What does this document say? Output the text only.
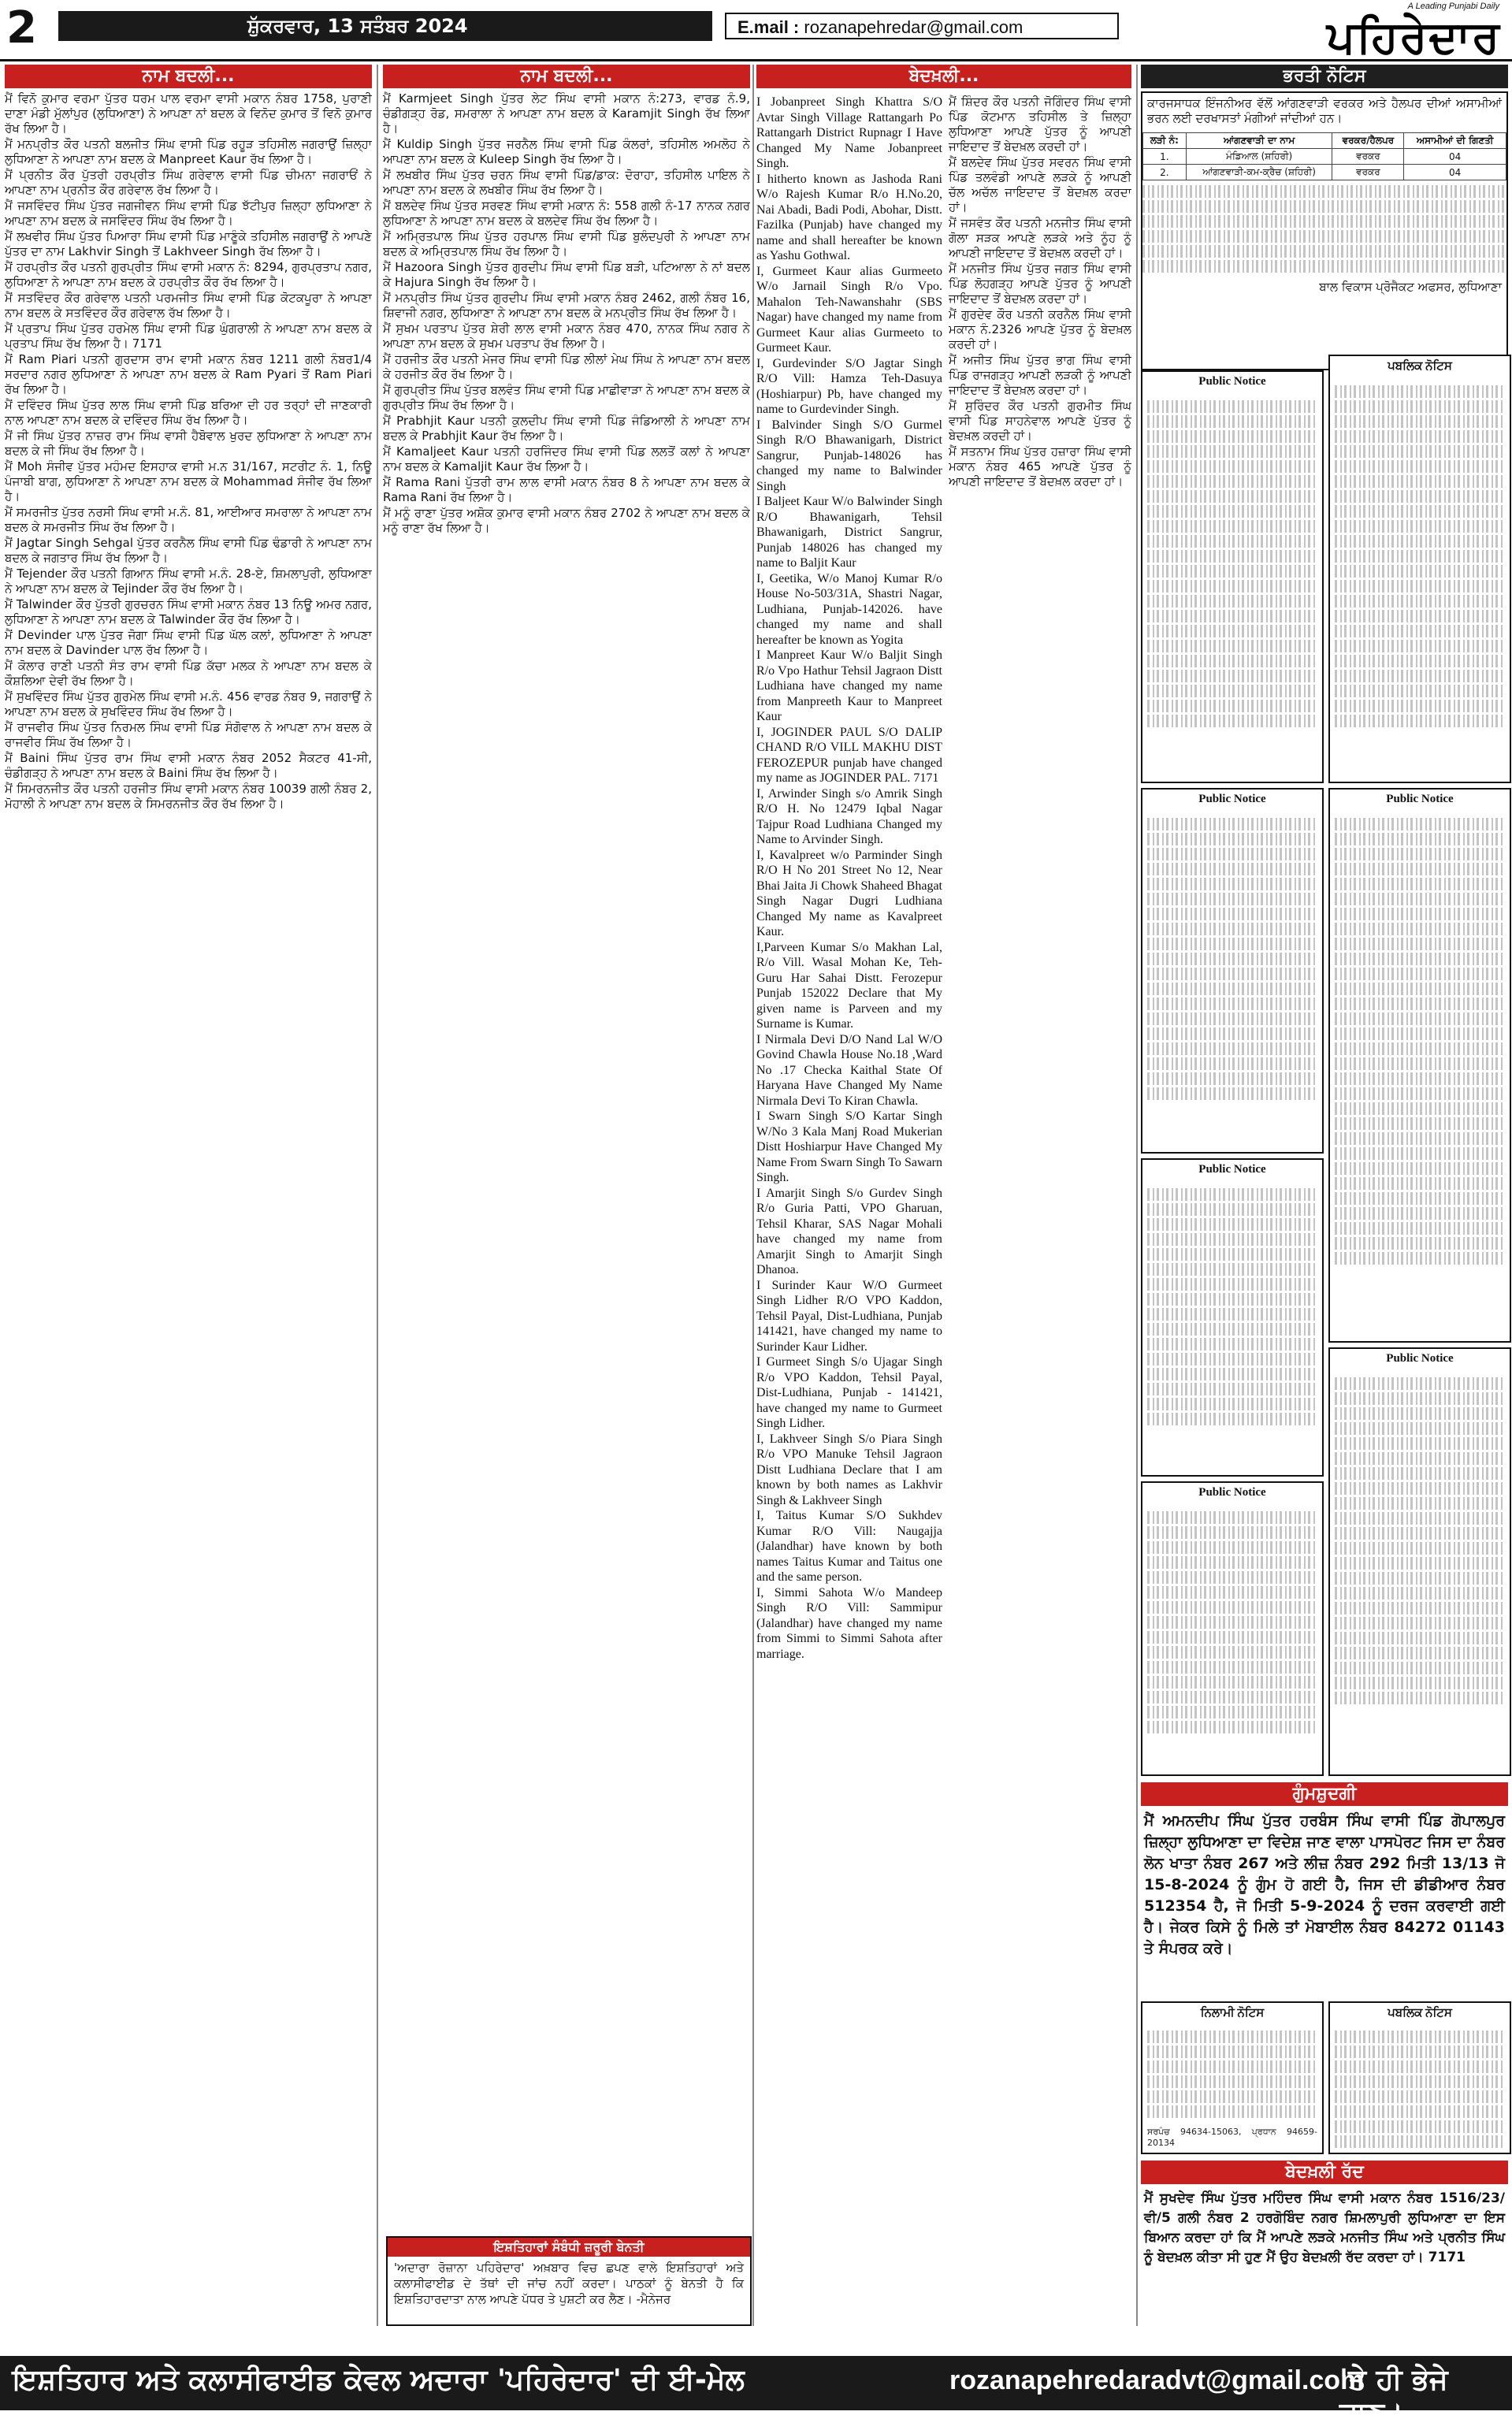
2	ਸ਼ੁੱਕਰਵਾਰ, 13 ਸਤੰਬਰ 2024	E.mail : rozanapehredar@gmail.com
A Leading Punjabi Daily
ਪਹਿਰੇਦਾਰ
ਨਾਮ ਬਦਲੀ...
ਮੈਂ ਵਿਨੋ ਕੁਮਾਰ ਵਰਮਾ ਪੁੱਤਰ ਧਰਮ ਪਾਲ ਵਰਮਾ ਵਾਸੀ ਮਕਾਨ ਨੰਬਰ 1758, ਪੁਰਾਣੀ ਦਾਣਾ ਮੰਡੀ ਮੁੱਲਾਂਪੁਰ (ਲੁਧਿਆਣਾ) ਨੇ ਆਪਣਾ ਨਾਂ ਬਦਲ ਕੇ ਵਿਨੋਦ ਕੁਮਾਰ ਤੋਂ ਵਿਨੋ ਕੁਮਾਰ ਰੱਖ ਲਿਆ ਹੈ।
ਮੈਂ ਮਨਪ੍ਰੀਤ ਕੌਰ ਪਤਨੀ ਬਲਜੀਤ ਸਿੰਘ ਵਾਸੀ ਪਿੰਡ ਰਹੂੜ ਤਹਿਸੀਲ ਜਗਰਾਉਂ ਜ਼ਿਲ੍ਹਾ ਲੁਧਿਆਣਾ ਨੇ ਆਪਣਾ ਨਾਮ ਬਦਲ ਕੇ Manpreet Kaur ਰੱਖ ਲਿਆ ਹੈ।
ਮੈਂ ਪ੍ਰਨੀਤ ਕੌਰ ਪੁੱਤਰੀ ਹਰਪ੍ਰੀਤ ਸਿੰਘ ਗਰੇਵਾਲ ਵਾਸੀ ਪਿੰਡ ਚੀਮਨਾ ਜਗਰਾਓਂ ਨੇ ਆਪਣਾ ਨਾਮ ਪ੍ਰਨੀਤ ਕੌਰ ਗਰੇਵਾਲ ਰੱਖ ਲਿਆ ਹੈ।
ਮੈਂ ਜਸਵਿੰਦਰ ਸਿੰਘ ਪੁੱਤਰ ਜਗਜੀਵਨ ਸਿੰਘ ਵਾਸੀ ਪਿੰਡ ਝੱਟੀਪੁਰ ਜ਼ਿਲ੍ਹਾ ਲੁਧਿਆਣਾ ਨੇ ਆਪਣਾ ਨਾਮ ਬਦਲ ਕੇ ਜਸਵਿੰਦਰ ਸਿੰਘ ਰੱਖ ਲਿਆ ਹੈ।
ਮੈਂ ਲਖਵੀਰ ਸਿੰਘ ਪੁੱਤਰ ਪਿਆਰਾ ਸਿੰਘ ਵਾਸੀ ਪਿੰਡ ਮਾਣੂੰਕੇ ਤਹਿਸੀਲ ਜਗਰਾਉਂ ਨੇ ਆਪਣੇ ਪੁੱਤਰ ਦਾ ਨਾਮ Lakhvir Singh ਤੋਂ Lakhveer Singh ਰੱਖ ਲਿਆ ਹੈ।
ਮੈਂ ਹਰਪ੍ਰੀਤ ਕੌਰ ਪਤਨੀ ਗੁਰਪ੍ਰੀਤ ਸਿੰਘ ਵਾਸੀ ਮਕਾਨ ਨੰ: 8294, ਗੁਰਪ੍ਰਤਾਪ ਨਗਰ, ਲੁਧਿਆਣਾ ਨੇ ਆਪਣਾ ਨਾਮ ਬਦਲ ਕੇ ਹਰਪ੍ਰੀਤ ਕੌਰ ਰੱਖ ਲਿਆ ਹੈ।
ਮੈਂ ਸਤਵਿੰਦਰ ਕੌਰ ਗਰੇਵਾਲ ਪਤਨੀ ਪਰਮਜੀਤ ਸਿੰਘ ਵਾਸੀ ਪਿੰਡ ਕੋਟਕਪੂਰਾ ਨੇ ਆਪਣਾ ਨਾਮ ਬਦਲ ਕੇ ਸਤਵਿੰਦਰ ਕੌਰ ਗਰੇਵਾਲ ਰੱਖ ਲਿਆ ਹੈ।
ਮੈਂ ਪ੍ਰਤਾਪ ਸਿੰਘ ਪੁੱਤਰ ਹਰਮੇਲ ਸਿੰਘ ਵਾਸੀ ਪਿੰਡ ਘੁੰਗਰਾਲੀ ਨੇ ਆਪਣਾ ਨਾਮ ਬਦਲ ਕੇ ਪ੍ਰਤਾਪ ਸਿੰਘ ਰੱਖ ਲਿਆ ਹੈ। 7171
ਮੈਂ Ram Piari ਪਤਨੀ ਗੁਰਦਾਸ ਰਾਮ ਵਾਸੀ ਮਕਾਨ ਨੰਬਰ 1211 ਗਲੀ ਨੰਬਰ1/4 ਸਰਦਾਰ ਨਗਰ ਲੁਧਿਆਣਾ ਨੇ ਆਪਣਾ ਨਾਮ ਬਦਲ ਕੇ Ram Pyari ਤੋਂ Ram Piari ਰੱਖ ਲਿਆ ਹੈ।
ਮੈਂ ਦਵਿੰਦਰ ਸਿੰਘ ਪੁੱਤਰ ਲਾਲ ਸਿੰਘ ਵਾਸੀ ਪਿੰਡ ਬਰਿਆ ਦੀ ਹਰ ਤਰ੍ਹਾਂ ਦੀ ਜਾਣਕਾਰੀ ਨਾਲ ਆਪਣਾ ਨਾਮ ਬਦਲ ਕੇ ਦਵਿੰਦਰ ਸਿੰਘ ਰੱਖ ਲਿਆ ਹੈ।
ਮੈਂ ਜੀ ਸਿੰਘ ਪੁੱਤਰ ਨਾਜ਼ਰ ਰਾਮ ਸਿੰਘ ਵਾਸੀ ਹੈਬੋਵਾਲ ਖੁਰਦ ਲੁਧਿਆਣਾ ਨੇ ਆਪਣਾ ਨਾਮ ਬਦਲ ਕੇ ਜੀ ਸਿੰਘ ਰੱਖ ਲਿਆ ਹੈ।
ਮੈਂ Moh ਸੰਜੀਵ ਪੁੱਤਰ ਮਹੰਮਦ ਇਸਹਾਕ ਵਾਸੀ ਮ.ਨ 31/167, ਸਟਰੀਟ ਨੰ. 1, ਨਿਊ ਪੰਜਾਬੀ ਬਾਗ, ਲੁਧਿਆਣਾ ਨੇ ਆਪਣਾ ਨਾਮ ਬਦਲ ਕੇ Mohammad ਸੰਜੀਵ ਰੱਖ ਲਿਆ ਹੈ।
ਮੈਂ ਸਮਰਜੀਤ ਪੁੱਤਰ ਨਰਸੀ ਸਿੰਘ ਵਾਸੀ ਮ.ਨੰ. 81, ਆਈਆਰ ਸਮਰਾਲਾ ਨੇ ਆਪਣਾ ਨਾਮ ਬਦਲ ਕੇ ਸਮਰਜੀਤ ਸਿੰਘ ਰੱਖ ਲਿਆ ਹੈ।
ਮੈਂ Jagtar Singh Sehgal ਪੁੱਤਰ ਕਰਨੈਲ ਸਿੰਘ ਵਾਸੀ ਪਿੰਡ ਢੰਡਾਰੀ ਨੇ ਆਪਣਾ ਨਾਮ ਬਦਲ ਕੇ ਜਗਤਾਰ ਸਿੰਘ ਰੱਖ ਲਿਆ ਹੈ।
ਮੈਂ Tejender ਕੌਰ ਪਤਨੀ ਗਿਆਨ ਸਿੰਘ ਵਾਸੀ ਮ.ਨੰ. 28-ਏ, ਸ਼ਿਮਲਾਪੁਰੀ, ਲੁਧਿਆਣਾ ਨੇ ਆਪਣਾ ਨਾਮ ਬਦਲ ਕੇ Tejinder ਕੌਰ ਰੱਖ ਲਿਆ ਹੈ।
ਮੈਂ Talwinder ਕੌਰ ਪੁੱਤਰੀ ਗੁਰਚਰਨ ਸਿੰਘ ਵਾਸੀ ਮਕਾਨ ਨੰਬਰ 13 ਨਿਊ ਅਮਰ ਨਗਰ, ਲੁਧਿਆਣਾ ਨੇ ਆਪਣਾ ਨਾਮ ਬਦਲ ਕੇ Talwinder ਕੌਰ ਰੱਖ ਲਿਆ ਹੈ।
ਮੈਂ Devinder ਪਾਲ ਪੁੱਤਰ ਜੋਗਾ ਸਿੰਘ ਵਾਸੀ ਪਿੰਡ ਘੱਲ ਕਲਾਂ, ਲੁਧਿਆਣਾ ਨੇ ਆਪਣਾ ਨਾਮ ਬਦਲ ਕੇ Davinder ਪਾਲ ਰੱਖ ਲਿਆ ਹੈ।
ਮੈਂ ਕੋਲਾਰ ਰਾਣੀ ਪਤਨੀ ਸੰਤ ਰਾਮ ਵਾਸੀ ਪਿੰਡ ਕੱਚਾ ਮਲਕ ਨੇ ਆਪਣਾ ਨਾਮ ਬਦਲ ਕੇ ਕੌਸ਼ਲਿਆ ਦੇਵੀ ਰੱਖ ਲਿਆ ਹੈ।
ਮੈਂ ਸੁਖਵਿੰਦਰ ਸਿੰਘ ਪੁੱਤਰ ਗੁਰਮੇਲ ਸਿੰਘ ਵਾਸੀ ਮ.ਨੰ. 456 ਵਾਰਡ ਨੰਬਰ 9, ਜਗਰਾਉਂ ਨੇ ਆਪਣਾ ਨਾਮ ਬਦਲ ਕੇ ਸੁਖਵਿੰਦਰ ਸਿੰਘ ਰੱਖ ਲਿਆ ਹੈ।
ਮੈਂ ਰਾਜਵੀਰ ਸਿੰਘ ਪੁੱਤਰ ਨਿਰਮਲ ਸਿੰਘ ਵਾਸੀ ਪਿੰਡ ਸੰਗੋਵਾਲ ਨੇ ਆਪਣਾ ਨਾਮ ਬਦਲ ਕੇ ਰਾਜਵੀਰ ਸਿੰਘ ਰੱਖ ਲਿਆ ਹੈ।
ਮੈਂ Baini ਸਿੰਘ ਪੁੱਤਰ ਰਾਮ ਸਿੰਘ ਵਾਸੀ ਮਕਾਨ ਨੰਬਰ 2052 ਸੈਕਟਰ 41-ਸੀ, ਚੰਡੀਗੜ੍ਹ ਨੇ ਆਪਣਾ ਨਾਮ ਬਦਲ ਕੇ Baini ਸਿੰਘ ਰੱਖ ਲਿਆ ਹੈ।
ਮੈਂ ਸਿਮਰਨਜੀਤ ਕੌਰ ਪਤਨੀ ਹਰਜੀਤ ਸਿੰਘ ਵਾਸੀ ਮਕਾਨ ਨੰਬਰ 10039 ਗਲੀ ਨੰਬਰ 2, ਮੋਹਾਲੀ ਨੇ ਆਪਣਾ ਨਾਮ ਬਦਲ ਕੇ ਸਿਮਰਨਜੀਤ ਕੌਰ ਰੱਖ ਲਿਆ ਹੈ।
ਨਾਮ ਬਦਲੀ...
ਮੈਂ Karmjeet Singh ਪੁੱਤਰ ਲੇਟ ਸਿੰਘ ਵਾਸੀ ਮਕਾਨ ਨੰ:273, ਵਾਰਡ ਨੰ.9, ਚੰਡੀਗੜ੍ਹ ਰੋਡ, ਸਮਰਾਲਾ ਨੇ ਆਪਣਾ ਨਾਮ ਬਦਲ ਕੇ Karamjit Singh ਰੱਖ ਲਿਆ ਹੈ।
ਮੈਂ Kuldip Singh ਪੁੱਤਰ ਜਰਨੈਲ ਸਿੰਘ ਵਾਸੀ ਪਿੰਡ ਕੰਲਰਾਂ, ਤਹਿਸੀਲ ਅਮਲੋਹ ਨੇ ਆਪਣਾ ਨਾਮ ਬਦਲ ਕੇ Kuleep Singh ਰੱਖ ਲਿਆ ਹੈ।
ਮੈਂ ਲਖਬੀਰ ਸਿੰਘ ਪੁੱਤਰ ਚਰਨ ਸਿੰਘ ਵਾਸੀ ਪਿੰਡ/ਡਾਕ: ਦੋਰਾਹਾ, ਤਹਿਸੀਲ ਪਾਇਲ ਨੇ ਆਪਣਾ ਨਾਮ ਬਦਲ ਕੇ ਲਖਬੀਰ ਸਿੰਘ ਰੱਖ ਲਿਆ ਹੈ।
ਮੈਂ ਬਲਦੇਵ ਸਿੰਘ ਪੁੱਤਰ ਸਰਵਣ ਸਿੰਘ ਵਾਸੀ ਮਕਾਨ ਨੰ: 558 ਗਲੀ ਨੰ-17 ਨਾਨਕ ਨਗਰ ਲੁਧਿਆਣਾ ਨੇ ਆਪਣਾ ਨਾਮ ਬਦਲ ਕੇ ਬਲਦੇਵ ਸਿੰਘ ਰੱਖ ਲਿਆ ਹੈ।
ਮੈਂ ਅਮ੍ਰਿਤਪਾਲ ਸਿੰਘ ਪੁੱਤਰ ਹਰਪਾਲ ਸਿੰਘ ਵਾਸੀ ਪਿੰਡ ਬੁਲੰਦਪੁਰੀ ਨੇ ਆਪਣਾ ਨਾਮ ਬਦਲ ਕੇ ਅਮ੍ਰਿਤਪਾਲ ਸਿੰਘ ਰੱਖ ਲਿਆ ਹੈ।
ਮੈਂ Hazoora Singh ਪੁੱਤਰ ਗੁਰਦੀਪ ਸਿੰਘ ਵਾਸੀ ਪਿੰਡ ਬੜੀ, ਪਟਿਆਲਾ ਨੇ ਨਾਂ ਬਦਲ ਕੇ Hajura Singh ਰੱਖ ਲਿਆ ਹੈ।
ਮੈਂ ਮਨਪ੍ਰੀਤ ਸਿੰਘ ਪੁੱਤਰ ਗੁਰਦੀਪ ਸਿੰਘ ਵਾਸੀ ਮਕਾਨ ਨੰਬਰ 2462, ਗਲੀ ਨੰਬਰ 16, ਸ਼ਿਵਾਜੀ ਨਗਰ, ਲੁਧਿਆਣਾ ਨੇ ਆਪਣਾ ਨਾਮ ਬਦਲ ਕੇ ਮਨਪ੍ਰੀਤ ਸਿੰਘ ਰੱਖ ਲਿਆ ਹੈ।
ਮੈਂ ਸੁਖਮ ਪਰਤਾਪ ਪੁੱਤਰ ਸ਼ੇਰੀ ਲਾਲ ਵਾਸੀ ਮਕਾਨ ਨੰਬਰ 470, ਨਾਨਕ ਸਿੰਘ ਨਗਰ ਨੇ ਆਪਣਾ ਨਾਮ ਬਦਲ ਕੇ ਸੁਖਮ ਪਰਤਾਪ ਰੱਖ ਲਿਆ ਹੈ।
ਮੈਂ ਹਰਜੀਤ ਕੌਰ ਪਤਨੀ ਮੇਜਰ ਸਿੰਘ ਵਾਸੀ ਪਿੰਡ ਲੀਲਾਂ ਮੇਘ ਸਿੰਘ ਨੇ ਆਪਣਾ ਨਾਮ ਬਦਲ ਕੇ ਹਰਜੀਤ ਕੌਰ ਰੱਖ ਲਿਆ ਹੈ।
ਮੈਂ ਗੁਰਪ੍ਰੀਤ ਸਿੰਘ ਪੁੱਤਰ ਬਲਵੰਤ ਸਿੰਘ ਵਾਸੀ ਪਿੰਡ ਮਾਛੀਵਾੜਾ ਨੇ ਆਪਣਾ ਨਾਮ ਬਦਲ ਕੇ ਗੁਰਪ੍ਰੀਤ ਸਿੰਘ ਰੱਖ ਲਿਆ ਹੈ।
ਮੈਂ Prabhjit Kaur ਪਤਨੀ ਕੁਲਦੀਪ ਸਿੰਘ ਵਾਸੀ ਪਿੰਡ ਜੰਡਿਆਲੀ ਨੇ ਆਪਣਾ ਨਾਮ ਬਦਲ ਕੇ Prabhjit Kaur ਰੱਖ ਲਿਆ ਹੈ।
ਮੈਂ Kamaljeet Kaur ਪਤਨੀ ਹਰਜਿੰਦਰ ਸਿੰਘ ਵਾਸੀ ਪਿੰਡ ਲਲਤੋਂ ਕਲਾਂ ਨੇ ਆਪਣਾ ਨਾਮ ਬਦਲ ਕੇ Kamaljit Kaur ਰੱਖ ਲਿਆ ਹੈ।
ਮੈਂ Rama Rani ਪੁੱਤਰੀ ਰਾਮ ਲਾਲ ਵਾਸੀ ਮਕਾਨ ਨੰਬਰ 8 ਨੇ ਆਪਣਾ ਨਾਮ ਬਦਲ ਕੇ Rama Rani ਰੱਖ ਲਿਆ ਹੈ।
ਮੈਂ ਮਨੂੰ ਰਾਣਾ ਪੁੱਤਰ ਅਸ਼ੋਕ ਕੁਮਾਰ ਵਾਸੀ ਮਕਾਨ ਨੰਬਰ 2702 ਨੇ ਆਪਣਾ ਨਾਮ ਬਦਲ ਕੇ ਮਨੂੰ ਰਾਣਾ ਰੱਖ ਲਿਆ ਹੈ।
ਬੇਦਖ਼ਲੀ...
I Jobanpreet Singh Khattra S/O Avtar Singh Village Rattangarh Po Rattangarh District Rupnagr I Have Changed My Name Jobanpreet Singh.
I hitherto known as Jashoda Rani W/o Rajesh Kumar R/o H.No.20, Nai Abadi, Badi Podi, Abohar, Distt. Fazilka (Punjab) have changed my name and shall hereafter be known as Yashu Gothwal.
I, Gurmeet Kaur alias Gurmeeto W/o Jarnail Singh R/o Vpo. Mahalon Teh-Nawanshahr (SBS Nagar) have changed my name from Gurmeet Kaur alias Gurmeeto to Gurmeet Kaur.
I, Gurdevinder S/O Jagtar Singh R/O Vill: Hamza Teh-Dasuya (Hoshiarpur) Pb, have changed my name to Gurdevinder Singh.
I Balvinder Singh S/O Gurmel Singh R/O Bhawanigarh, District Sangrur, Punjab-148026 has changed my name to Balwinder Singh
I Baljeet Kaur W/o Balwinder Singh R/O Bhawanigarh, Tehsil Bhawanigarh, District Sangrur, Punjab 148026 has changed my name to Baljit Kaur
I, Geetika, W/o Manoj Kumar R/o House No-503/31A, Shastri Nagar, Ludhiana, Punjab-142026. have changed my name and shall hereafter be known as Yogita
I Manpreet Kaur W/o Baljit Singh R/o Vpo Hathur Tehsil Jagraon Distt Ludhiana have changed my name from Manpreeth Kaur to Manpreet Kaur
I, JOGINDER PAUL S/O DALIP CHAND R/O VILL MAKHU DIST FEROZEPUR punjab have changed my name as JOGINDER PAL. 7171
I, Arwinder Singh s/o Amrik Singh R/O H. No 12479 Iqbal Nagar Tajpur Road Ludhiana Changed my Name to Arvinder Singh.
I, Kavalpreet w/o Parminder Singh R/O H No 201 Street No 12, Near Bhai Jaita Ji Chowk Shaheed Bhagat Singh Nagar Dugri Ludhiana Changed My name as Kavalpreet Kaur.
I,Parveen Kumar S/o Makhan Lal, R/o Vill. Wasal Mohan Ke, Teh-Guru Har Sahai Distt. Ferozepur Punjab 152022 Declare that My given name is Parveen and my Surname is Kumar.
I Nirmala Devi D/O Nand Lal W/O Govind Chawla House No.18 ,Ward No .17 Checka Kaithal State Of Haryana Have Changed My Name Nirmala Devi To Kiran Chawla.
I Swarn Singh S/O Kartar Singh W/No 3 Kala Manj Road Mukerian Distt Hoshiarpur Have Changed My Name From Swarn Singh To Sawarn Singh.
I Amarjit Singh S/o Gurdev Singh R/o Guria Patti, VPO Gharuan, Tehsil Kharar, SAS Nagar Mohali have changed my name from Amarjit Singh to Amarjit Singh Dhanoa.
I Surinder Kaur W/O Gurmeet Singh Lidher R/O VPO Kaddon, Tehsil Payal, Dist-Ludhiana, Punjab 141421, have changed my name to Surinder Kaur Lidher.
I Gurmeet Singh S/o Ujagar Singh R/o VPO Kaddon, Tehsil Payal, Dist-Ludhiana, Punjab - 141421, have changed my name to Gurmeet Singh Lidher.
I, Lakhveer Singh S/o Piara Singh R/o VPO Manuke Tehsil Jagraon Distt Ludhiana Declare that I am known by both names as Lakhvir Singh & Lakhveer Singh
I, Taitus Kumar S/O Sukhdev Kumar R/O Vill: Naugajja (Jalandhar) have known by both names Taitus Kumar and Taitus one and the same person.
I, Simmi Sahota W/o Mandeep Singh R/O Vill: Sammipur (Jalandhar) have changed my name from Simmi to Simmi Sahota after marriage.
ਮੈਂ ਸ਼ਿੰਦਰ ਕੌਰ ਪਤਨੀ ਜੋਗਿੰਦਰ ਸਿੰਘ ਵਾਸੀ ਪਿੰਡ ਕੋਟਮਾਨ ਤਹਿਸੀਲ ਤੇ ਜ਼ਿਲ੍ਹਾ ਲੁਧਿਆਣਾ ਆਪਣੇ ਪੁੱਤਰ ਨੂੰ ਆਪਣੀ ਜਾਇਦਾਦ ਤੋਂ ਬੇਦਖ਼ਲ ਕਰਦੀ ਹਾਂ।
ਮੈਂ ਬਲਦੇਵ ਸਿੰਘ ਪੁੱਤਰ ਸਵਰਨ ਸਿੰਘ ਵਾਸੀ ਪਿੰਡ ਤਲਵੰਡੀ ਆਪਣੇ ਲੜਕੇ ਨੂੰ ਆਪਣੀ ਚੱਲ ਅਚੱਲ ਜਾਇਦਾਦ ਤੋਂ ਬੇਦਖ਼ਲ ਕਰਦਾ ਹਾਂ।
ਮੈਂ ਜਸਵੰਤ ਕੌਰ ਪਤਨੀ ਮਨਜੀਤ ਸਿੰਘ ਵਾਸੀ ਗੋਲਾ ਸੜਕ ਆਪਣੇ ਲੜਕੇ ਅਤੇ ਨੂੰਹ ਨੂੰ ਆਪਣੀ ਜਾਇਦਾਦ ਤੋਂ ਬੇਦਖ਼ਲ ਕਰਦੀ ਹਾਂ।
ਮੈਂ ਮਨਜੀਤ ਸਿੰਘ ਪੁੱਤਰ ਜਗਤ ਸਿੰਘ ਵਾਸੀ ਪਿੰਡ ਲੋਹਗੜ੍ਹ ਆਪਣੇ ਪੁੱਤਰ ਨੂੰ ਆਪਣੀ ਜਾਇਦਾਦ ਤੋਂ ਬੇਦਖ਼ਲ ਕਰਦਾ ਹਾਂ।
ਮੈਂ ਗੁਰਦੇਵ ਕੌਰ ਪਤਨੀ ਕਰਨੈਲ ਸਿੰਘ ਵਾਸੀ ਮਕਾਨ ਨੰ.2326 ਆਪਣੇ ਪੁੱਤਰ ਨੂੰ ਬੇਦਖ਼ਲ ਕਰਦੀ ਹਾਂ।
ਮੈਂ ਅਜੀਤ ਸਿੰਘ ਪੁੱਤਰ ਭਾਗ ਸਿੰਘ ਵਾਸੀ ਪਿੰਡ ਰਾਜਗੜ੍ਹ ਆਪਣੀ ਲੜਕੀ ਨੂੰ ਆਪਣੀ ਜਾਇਦਾਦ ਤੋਂ ਬੇਦਖ਼ਲ ਕਰਦਾ ਹਾਂ।
ਮੈਂ ਸੁਰਿੰਦਰ ਕੌਰ ਪਤਨੀ ਗੁਰਮੀਤ ਸਿੰਘ ਵਾਸੀ ਪਿੰਡ ਸਾਹਨੇਵਾਲ ਆਪਣੇ ਪੁੱਤਰ ਨੂੰ ਬੇਦਖ਼ਲ ਕਰਦੀ ਹਾਂ।
ਮੈਂ ਸਤਨਾਮ ਸਿੰਘ ਪੁੱਤਰ ਹਜ਼ਾਰਾ ਸਿੰਘ ਵਾਸੀ ਮਕਾਨ ਨੰਬਰ 465 ਆਪਣੇ ਪੁੱਤਰ ਨੂੰ ਆਪਣੀ ਜਾਇਦਾਦ ਤੋਂ ਬੇਦਖ਼ਲ ਕਰਦਾ ਹਾਂ।
ਭਰਤੀ ਨੋਟਿਸ
ਕਾਰਜਸਾਧਕ ਇੰਜਨੀਅਰ ਵੱਲੋਂ ਆਂਗਣਵਾੜੀ ਵਰਕਰ ਅਤੇ ਹੈਲਪਰ ਦੀਆਂ ਅਸਾਮੀਆਂ ਭਰਨ ਲਈ ਦਰਖਾਸਤਾਂ ਮੰਗੀਆਂ ਜਾਂਦੀਆਂ ਹਨ।
ਲੜੀ ਨੰ:	ਆਂਗਣਵਾੜੀ ਦਾ ਨਾਮ	ਵਰਕਰ/ਹੈਲਪਰ	ਅਸਾਮੀਆਂ ਦੀ ਗਿਣਤੀ
1.	ਮੰਡਿਆਲ (ਸ਼ਹਿਰੀ)	ਵਰਕਰ	04
2.	ਆਂਗਣਵਾੜੀ-ਕਮ-ਕ੍ਰੈਚ (ਸ਼ਹਿਰੀ)	ਵਰਕਰ	04
ਬਾਲ ਵਿਕਾਸ ਪ੍ਰੋਜੈਕਟ ਅਫਸਰ, ਲੁਧਿਆਣਾ
Public Notice
ਪਬਲਿਕ ਨੋਟਿਸ
Public Notice	Public Notice
Public Notice
Public Notice
Public Notice
ਗੁੰਮਸ਼ੁਦਗੀ
ਮੈਂ ਅਮਨਦੀਪ ਸਿੰਘ ਪੁੱਤਰ ਹਰਬੰਸ ਸਿੰਘ ਵਾਸੀ ਪਿੰਡ ਗੋਪਾਲਪੁਰ ਜ਼ਿਲ੍ਹਾ ਲੁਧਿਆਣਾ ਦਾ ਵਿਦੇਸ਼ ਜਾਣ ਵਾਲਾ ਪਾਸਪੋਰਟ ਜਿਸ ਦਾ ਨੰਬਰ ਲੋਨ ਖਾਤਾ ਨੰਬਰ 267 ਅਤੇ ਲੀਜ਼ ਨੰਬਰ 292 ਮਿਤੀ 13/13 ਜੋ 15-8-2024 ਨੂੰ ਗੁੰਮ ਹੋ ਗਈ ਹੈ, ਜਿਸ ਦੀ ਡੀਡੀਆਰ ਨੰਬਰ 512354 ਹੈ, ਜੋ ਮਿਤੀ 5-9-2024 ਨੂੰ ਦਰਜ ਕਰਵਾਈ ਗਈ ਹੈ। ਜੇਕਰ ਕਿਸੇ ਨੂੰ ਮਿਲੇ ਤਾਂ ਮੋਬਾਈਲ ਨੰਬਰ 84272 01143 ਤੇ ਸੰਪਰਕ ਕਰੇ।
ਨਿਲਾਮੀ ਨੋਟਿਸ
ਸਰਪੰਚ 94634-15063, ਪ੍ਰਧਾਨ 94659-20134
ਪਬਲਿਕ ਨੋਟਿਸ
ਬੇਦਖ਼ਲੀ ਰੱਦ
ਮੈਂ ਸੁਖਦੇਵ ਸਿੰਘ ਪੁੱਤਰ ਮਹਿੰਦਰ ਸਿੰਘ ਵਾਸੀ ਮਕਾਨ ਨੰਬਰ 1516/23/ਵੀ/5 ਗਲੀ ਨੰਬਰ 2 ਹਰਗੋਬਿੰਦ ਨਗਰ ਸ਼ਿਮਲਾਪੁਰੀ ਲੁਧਿਆਣਾ ਦਾ ਇਸ ਬਿਆਨ ਕਰਦਾ ਹਾਂ ਕਿ ਮੈਂ ਆਪਣੇ ਲੜਕੇ ਮਨਜੀਤ ਸਿੰਘ ਅਤੇ ਪ੍ਰਨੀਤ ਸਿੰਘ ਨੂੰ ਬੇਦਖ਼ਲ ਕੀਤਾ ਸੀ ਹੁਣ ਮੈਂ ਉਹ ਬੇਦਖ਼ਲੀ ਰੱਦ ਕਰਦਾ ਹਾਂ। 7171
ਇਸ਼ਤਿਹਾਰਾਂ ਸੰਬੰਧੀ ਜ਼ਰੂਰੀ ਬੇਨਤੀ
'ਅਦਾਰਾ ਰੋਜ਼ਾਨਾ ਪਹਿਰੇਦਾਰ' ਅਖ਼ਬਾਰ ਵਿਚ ਛਪਣ ਵਾਲੇ ਇਸ਼ਤਿਹਾਰਾਂ ਅਤੇ ਕਲਾਸੀਫਾਈਡ ਦੇ ਤੱਥਾਂ ਦੀ ਜਾਂਚ ਨਹੀਂ ਕਰਦਾ। ਪਾਠਕਾਂ ਨੂੰ ਬੇਨਤੀ ਹੈ ਕਿ ਇਸ਼ਤਿਹਾਰਦਾਤਾ ਨਾਲ ਆਪਣੇ ਪੱਧਰ ਤੇ ਪੁਸ਼ਟੀ ਕਰ ਲੈਣ। -ਮੈਨੇਜਰ
ਇਸ਼ਤਿਹਾਰ ਅਤੇ ਕਲਾਸੀਫਾਈਡ ਕੇਵਲ ਅਦਾਰਾ 'ਪਹਿਰੇਦਾਰ' ਦੀ ਈ-ਮੇਲ	rozanapehredaradvt@gmail.com
'ਤੇ ਹੀ ਭੇਜੇ ਜਾਣ।
